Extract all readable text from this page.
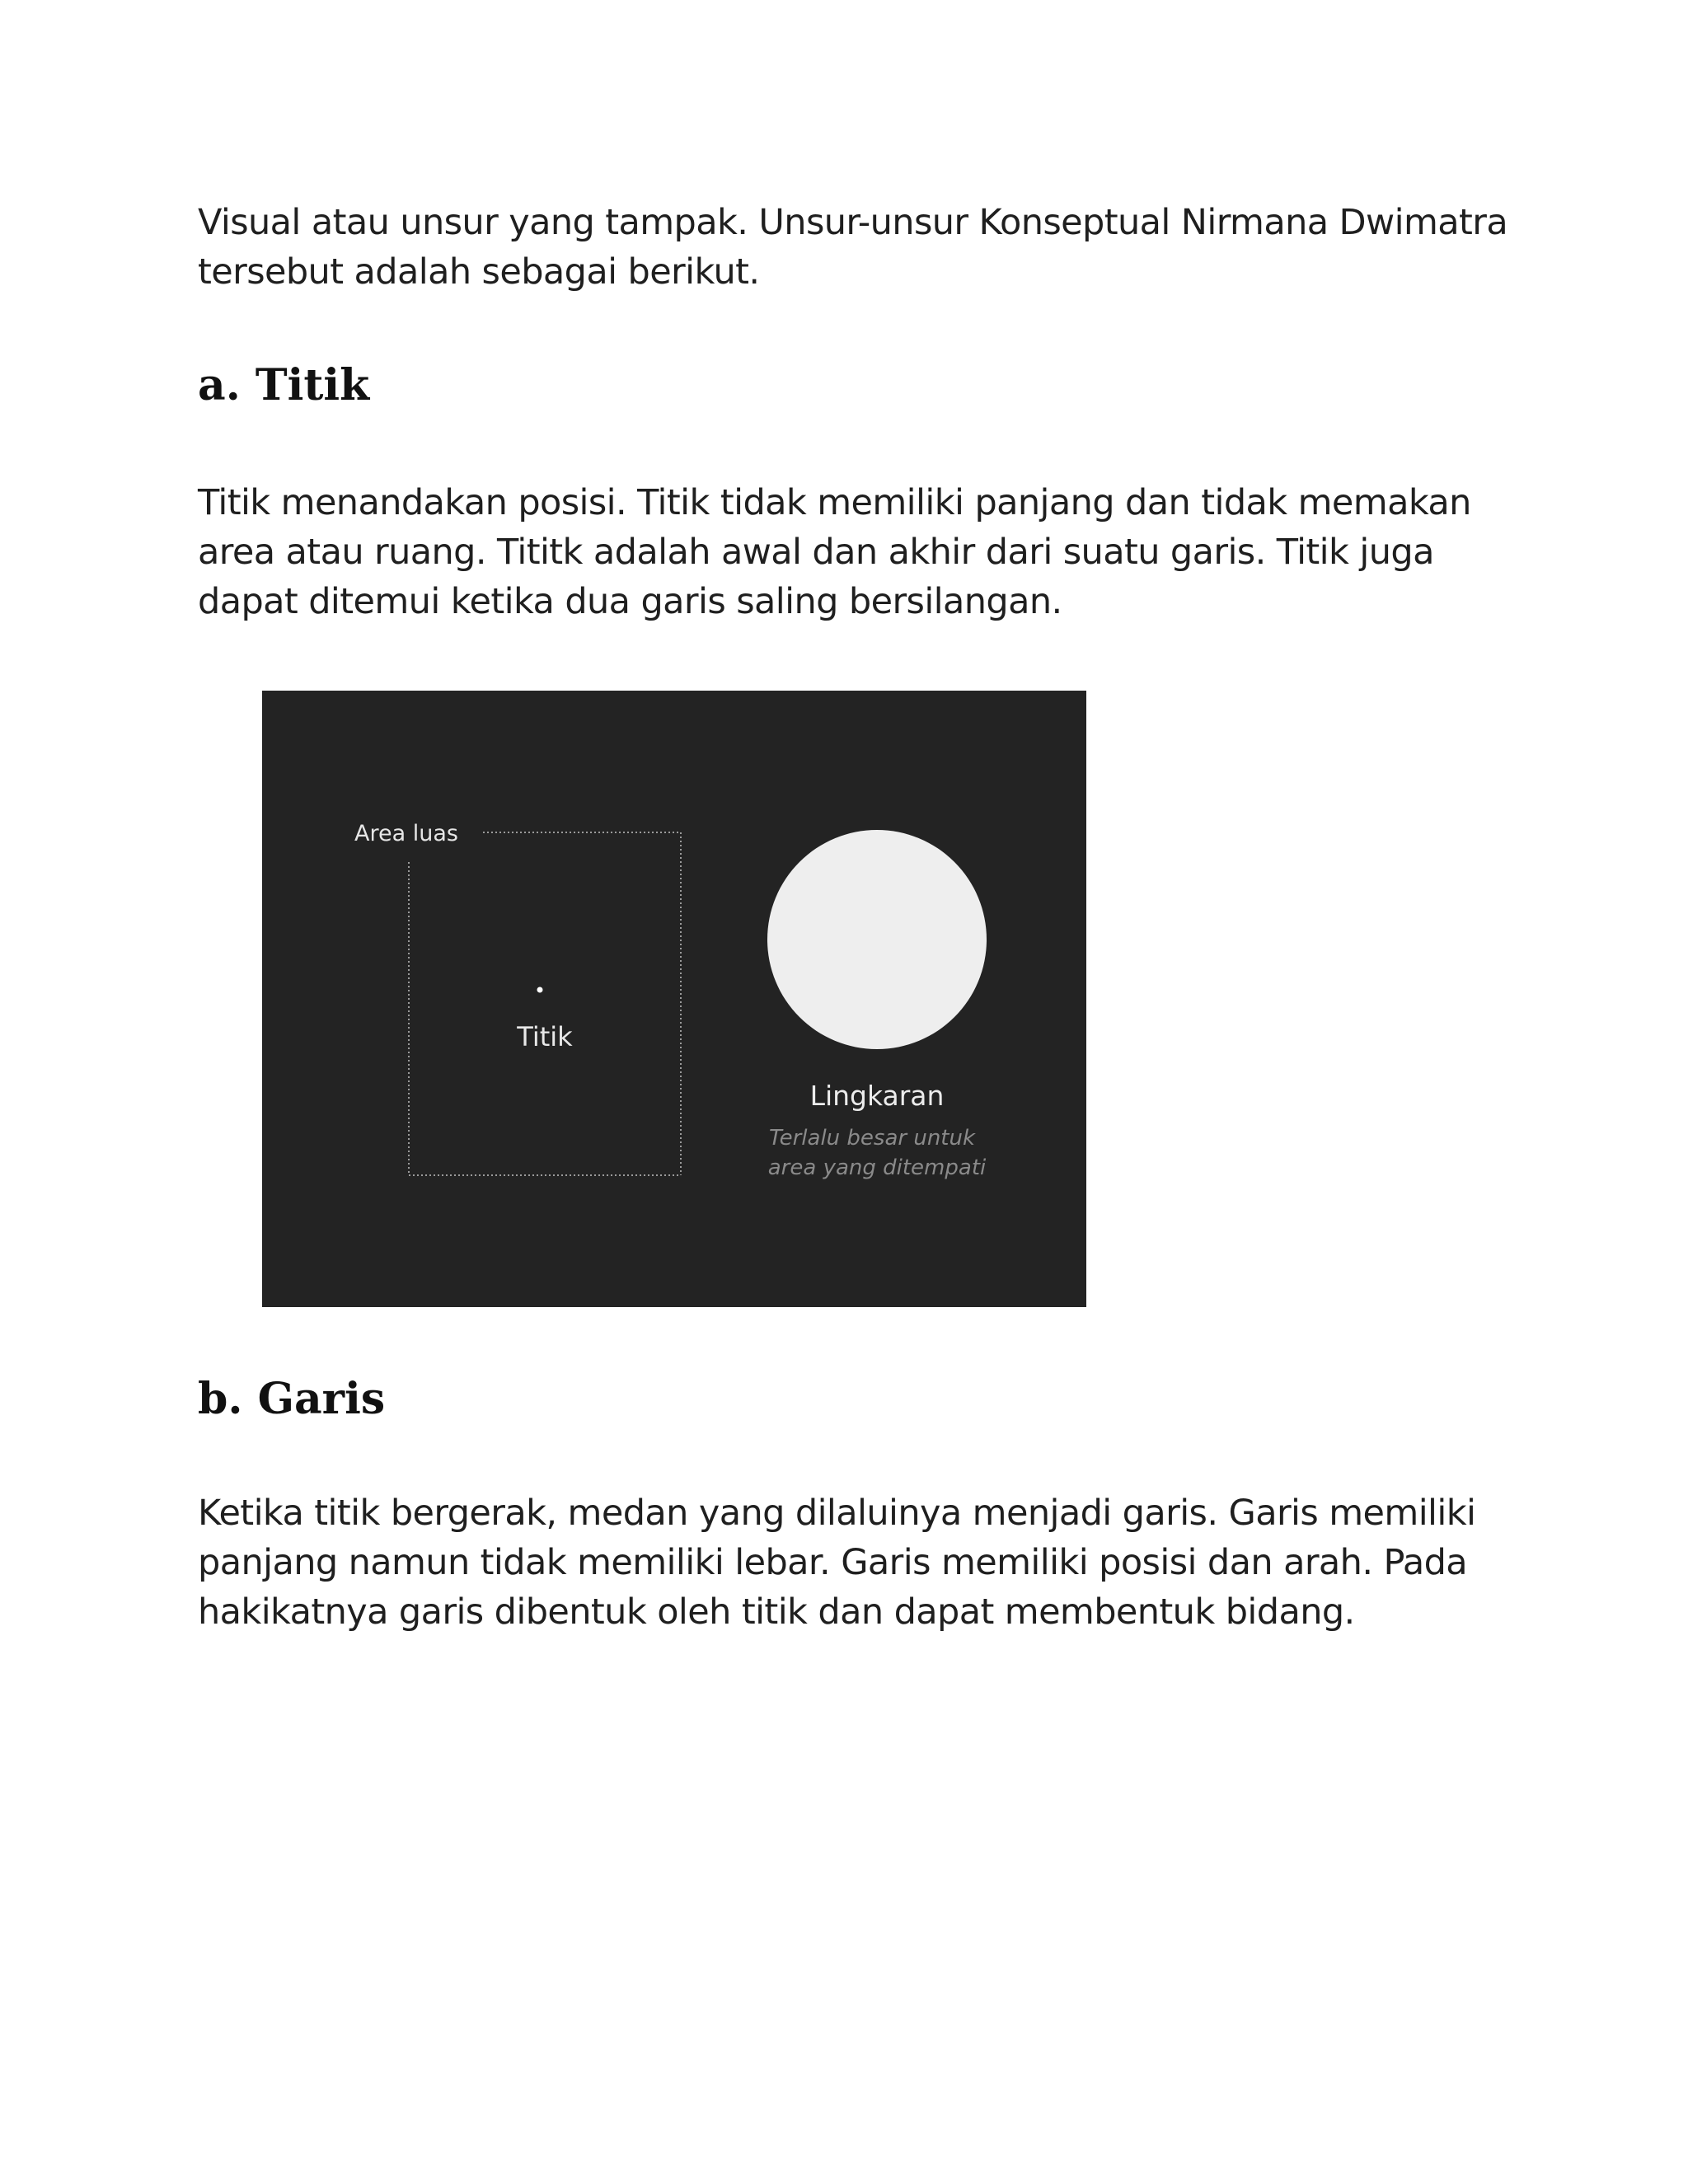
Visual atau unsur yang tampak. Unsur-unsur Konseptual Nirmana Dwimatra tersebut adalah sebagai berikut.

a. Titik

Titik menandakan posisi. Titik tidak memiliki panjang dan tidak memakan area atau ruang. Tititk adalah awal dan akhir dari suatu garis. Titik juga dapat ditemui ketika dua garis saling bersilangan.

Area luas
Titik
Lingkaran
Terlalu besar untuk
area yang ditempati
b. Garis

Ketika titik bergerak, medan yang dilaluinya menjadi garis. Garis memiliki panjang namun tidak memiliki lebar. Garis memiliki posisi dan arah. Pada hakikatnya garis dibentuk oleh titik dan dapat membentuk bidang.
